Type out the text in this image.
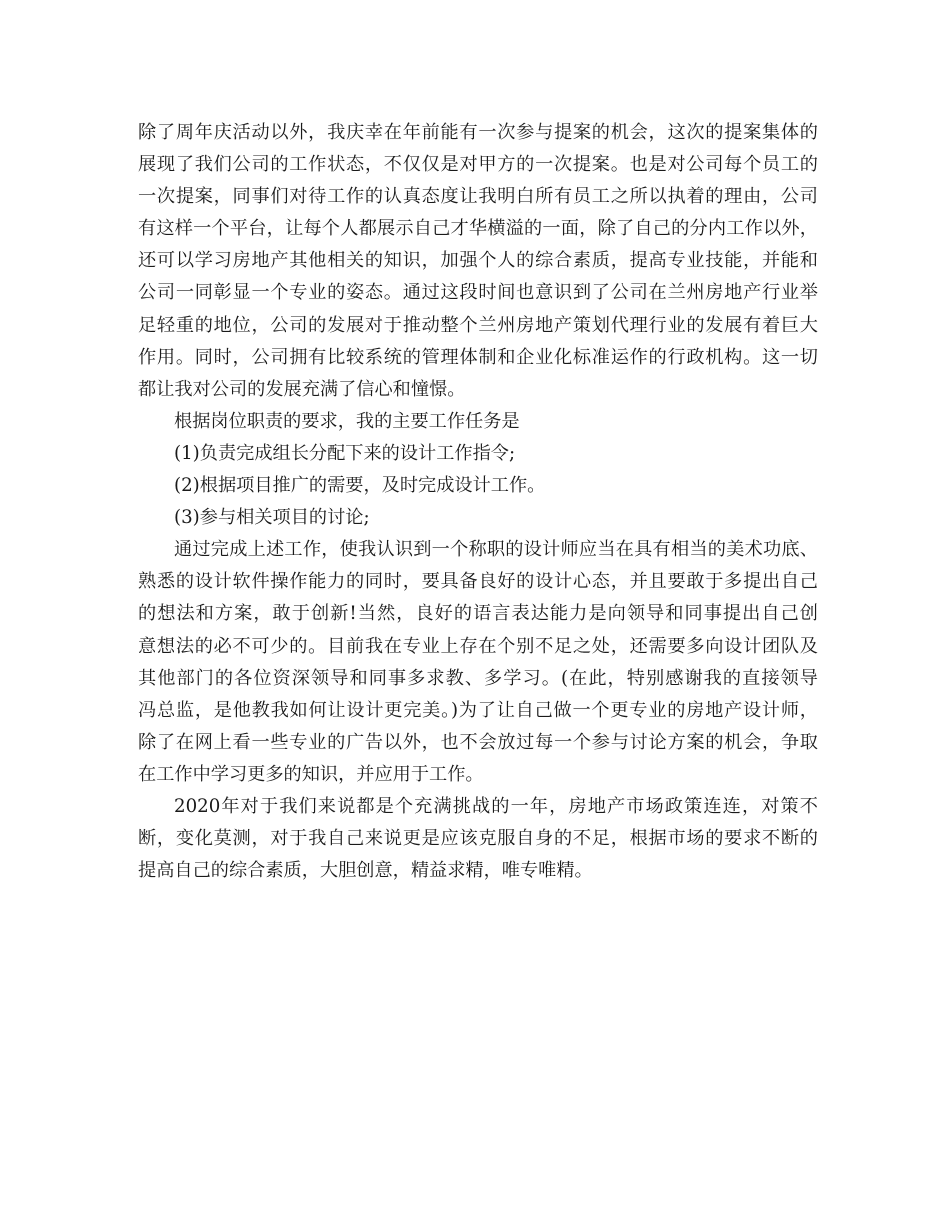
除了周年庆活动以外，我庆幸在年前能有一次参与提案的机会，这次的提案集体的
展现了我们公司的工作状态，不仅仅是对甲方的一次提案。也是对公司每个员工的
一次提案，同事们对待工作的认真态度让我明白所有员工之所以执着的理由，公司
有这样一个平台，让每个人都展示自己才华横溢的一面，除了自己的分内工作以外，
还可以学习房地产其他相关的知识，加强个人的综合素质，提高专业技能，并能和
公司一同彰显一个专业的姿态。通过这段时间也意识到了公司在兰州房地产行业举
足轻重的地位，公司的发展对于推动整个兰州房地产策划代理行业的发展有着巨大
作用。同时，公司拥有比较系统的管理体制和企业化标准运作的行政机构。这一切
都让我对公司的发展充满了信心和憧憬。
根据岗位职责的要求，我的主要工作任务是
(1)负责完成组长分配下来的设计工作指令;
(2)根据项目推广的需要，及时完成设计工作。
(3)参与相关项目的讨论;
通过完成上述工作，使我认识到一个称职的设计师应当在具有相当的美术功底、
熟悉的设计软件操作能力的同时，要具备良好的设计心态，并且要敢于多提出自己
的想法和方案，敢于创新!当然，良好的语言表达能力是向领导和同事提出自己创
意想法的必不可少的。目前我在专业上存在个别不足之处，还需要多向设计团队及
其他部门的各位资深领导和同事多求教、多学习。(在此，特别感谢我的直接领导
冯总监，是他教我如何让设计更完美。)为了让自己做一个更专业的房地产设计师，
除了在网上看一些专业的广告以外，也不会放过每一个参与讨论方案的机会，争取
在工作中学习更多的知识，并应用于工作。
2020年对于我们来说都是个充满挑战的一年，房地产市场政策连连，对策不
断，变化莫测，对于我自己来说更是应该克服自身的不足，根据市场的要求不断的
提高自己的综合素质，大胆创意，精益求精，唯专唯精。
